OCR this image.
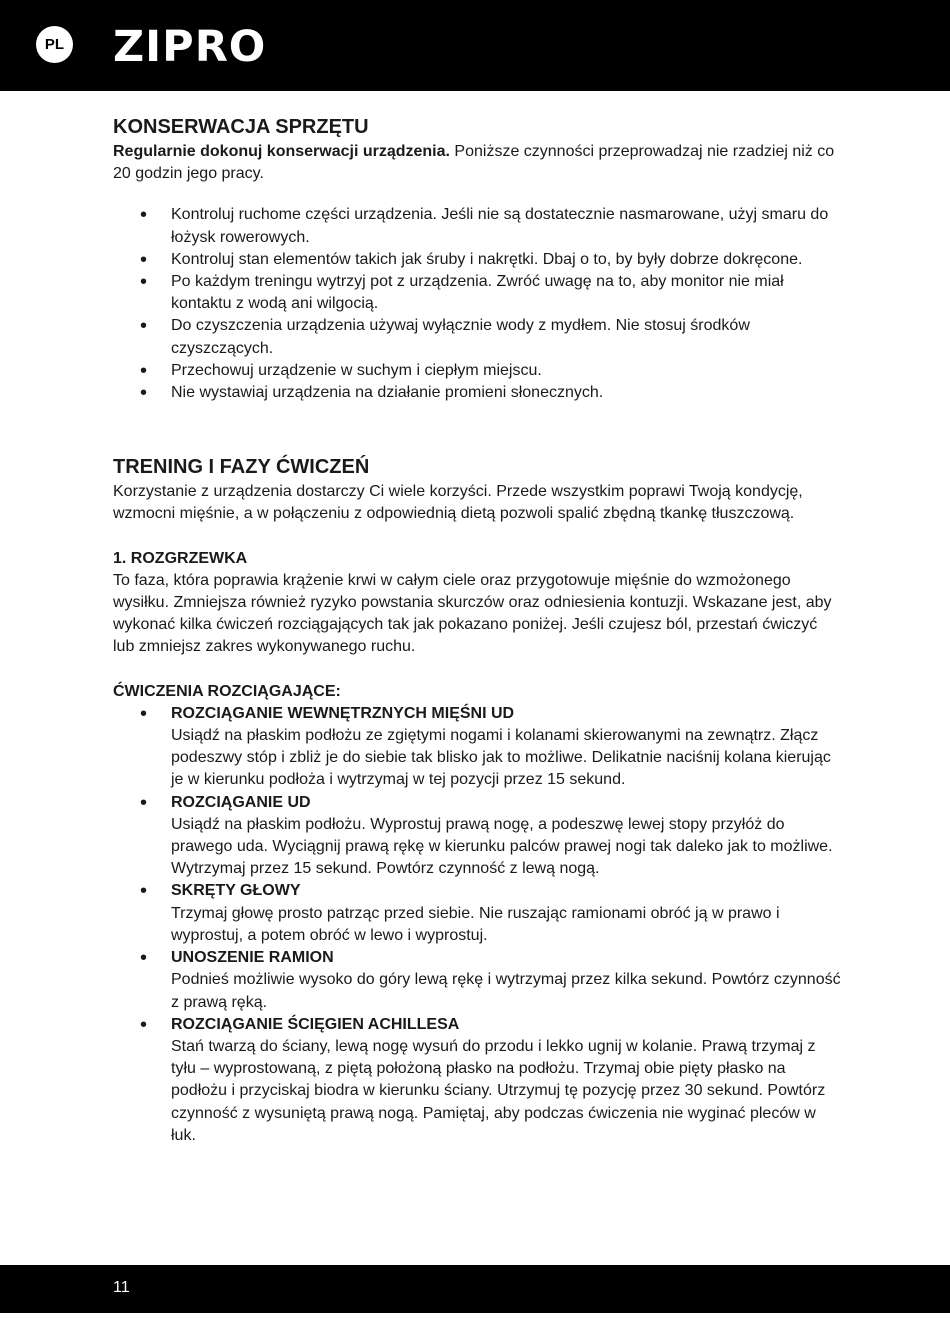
PL ZIPRO
KONSERWACJA SPRZĘTU

Regularnie dokonuj konserwacji urządzenia. Poniższe czynności przeprowadzaj nie rzadziej niż co 20 godzin jego pracy.

• Kontroluj ruchome części urządzenia. Jeśli nie są dostatecznie nasmarowane, użyj smaru do łożysk rowerowych.
• Kontroluj stan elementów takich jak śruby i nakrętki. Dbaj o to, by były dobrze dokręcone.
• Po każdym treningu wytrzyj pot z urządzenia. Zwróć uwagę na to, aby monitor nie miał kontaktu z wodą ani wilgocią.
• Do czyszczenia urządzenia używaj wyłącznie wody z mydłem. Nie stosuj środków czyszczących.
• Przechowuj urządzenie w suchym i ciepłym miejscu.
• Nie wystawiaj urządzenia na działanie promieni słonecznych.
TRENING I FAZY ĆWICZEŃ

Korzystanie z urządzenia dostarczy Ci wiele korzyści. Przede wszystkim poprawi Twoją kondycję, wzmocni mięśnie, a w połączeniu z odpowiednią dietą pozwoli spalić zbędną tkankę tłuszczową.

1. ROZGRZEWKA

To faza, która poprawia krążenie krwi w całym ciele oraz przygotowuje mięśnie do wzmożonego wysiłku. Zmniejsza również ryzyko powstania skurczów oraz odniesienia kontuzji. Wskazane jest, aby wykonać kilka ćwiczeń rozciągających tak jak pokazano poniżej. Jeśli czujesz ból, przestań ćwiczyć lub zmniejsz zakres wykonywanego ruchu.

ĆWICZENIA ROZCIĄGAJĄCE:

• ROZCIĄGANIE WEWNĘTRZNYCH MIĘŚNI UD
Usiądź na płaskim podłożu ze zgiętymi nogami i kolanami skierowanymi na zewnątrz. Złącz podeszwy stóp i zbliż je do siebie tak blisko jak to możliwe. Delikatnie naciśnij kolana kierując je w kierunku podłoża i wytrzymaj w tej pozycji przez 15 sekund.
• ROZCIĄGANIE UD
Usiądź na płaskim podłożu. Wyprostuj prawą nogę, a podeszwę lewej stopy przyłóż do prawego uda. Wyciągnij prawą rękę w kierunku palców prawej nogi tak daleko jak to możliwe. Wytrzymaj przez 15 sekund. Powtórz czynność z lewą nogą.
• SKRĘTY GŁOWY
Trzymaj głowę prosto patrząc przed siebie. Nie ruszając ramionami obróć ją w prawo i wyprostuj, a potem obróć w lewo i wyprostuj.
• UNOSZENIE RAMION
Podnieś możliwie wysoko do góry lewą rękę i wytrzymaj przez kilka sekund. Powtórz czynność z prawą ręką.
• ROZCIĄGANIE ŚCIĘGIEN ACHILLESA
Stań twarzą do ściany, lewą nogę wysuń do przodu i lekko ugnij w kolanie. Prawą trzymaj z tyłu – wyprostowaną, z piętą położoną płasko na podłożu. Trzymaj obie pięty płasko na podłożu i przyciskaj biodra w kierunku ściany. Utrzymuj tę pozycję przez 30 sekund. Powtórz czynność z wysuniętą prawą nogą. Pamiętaj, aby podczas ćwiczenia nie wyginać pleców w łuk.
11
